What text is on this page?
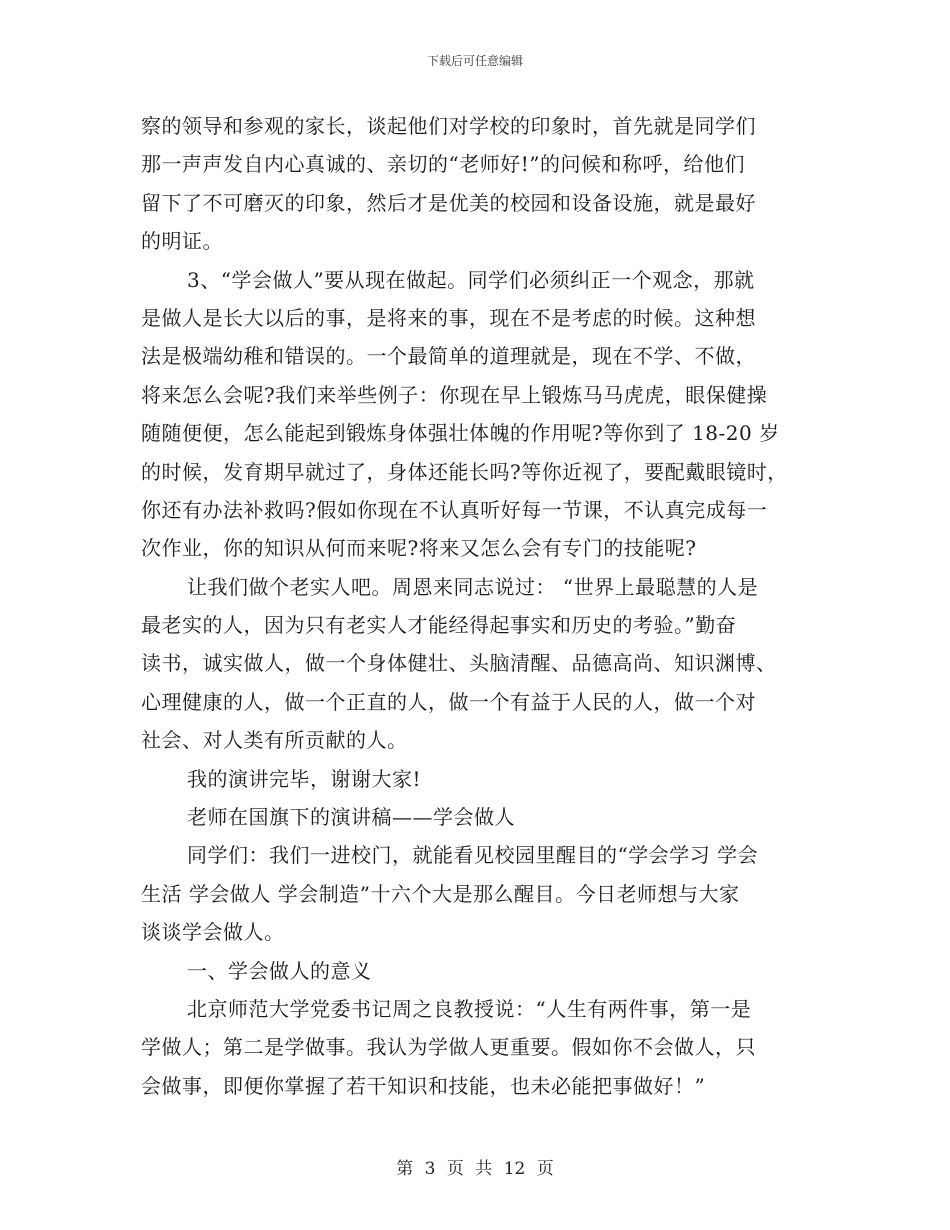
下载后可任意编辑
察的领导和参观的家长，谈起他们对学校的印象时，首先就是同学们
那一声声发自内心真诚的、亲切的“老师好!”的问候和称呼，给他们
留下了不可磨灭的印象，然后才是优美的校园和设备设施，就是最好
的明证。
3、“学会做人”要从现在做起。同学们必须纠正一个观念，那就
是做人是长大以后的事，是将来的事，现在不是考虑的时候。这种想
法是极端幼稚和错误的。一个最简单的道理就是，现在不学、不做，
将来怎么会呢?我们来举些例子：你现在早上锻炼马马虎虎，眼保健操
随随便便，怎么能起到锻炼身体强壮体魄的作用呢?等你到了 18-20 岁
的时候，发育期早就过了，身体还能长吗?等你近视了，要配戴眼镜时，
你还有办法补救吗?假如你现在不认真听好每一节课，不认真完成每一
次作业，你的知识从何而来呢?将来又怎么会有专门的技能呢?
让我们做个老实人吧。周恩来同志说过： “世界上最聪慧的人是
最老实的人，因为只有老实人才能经得起事实和历史的考验。”勤奋
读书，诚实做人，做一个身体健壮、头脑清醒、品德高尚、知识渊博、
心理健康的人，做一个正直的人，做一个有益于人民的人，做一个对
社会、对人类有所贡献的人。
我的演讲完毕，谢谢大家!
老师在国旗下的演讲稿——学会做人
同学们：我们一进校门，就能看见校园里醒目的“学会学习 学会
生活 学会做人 学会制造”十六个大是那么醒目。今日老师想与大家
谈谈学会做人。
一、学会做人的意义
北京师范大学党委书记周之良教授说：“人生有两件事，第一是
学做人；第二是学做事。我认为学做人更重要。假如你不会做人，只
会做事，即便你掌握了若干知识和技能，也未必能把事做好！”
第 3 页 共 12 页
